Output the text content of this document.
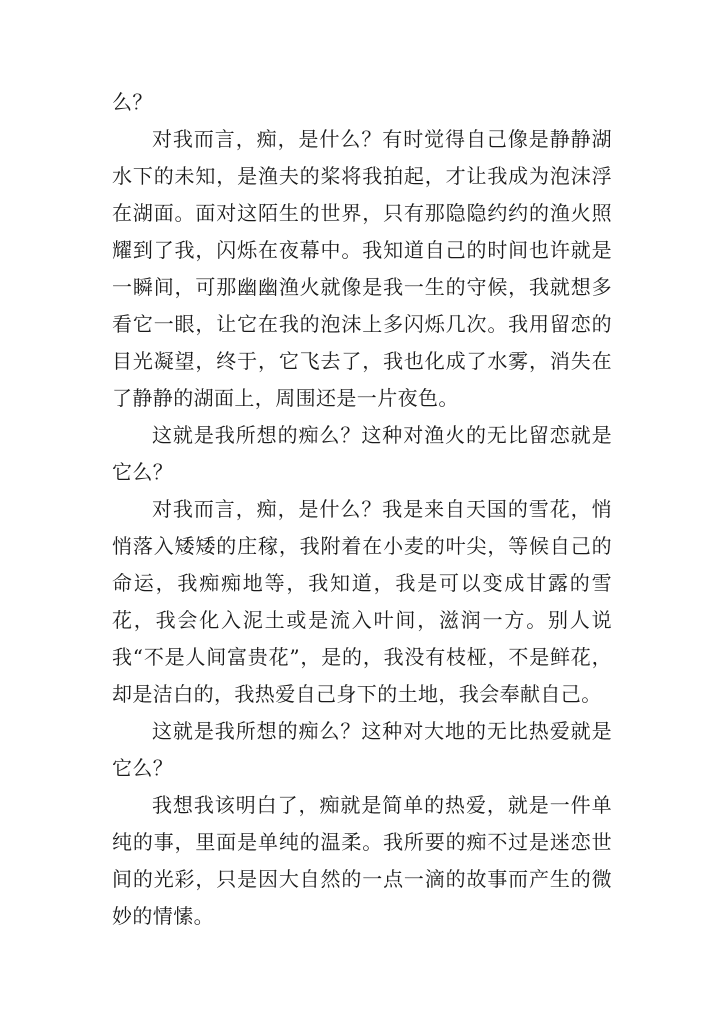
么？

对我而言，痴，是什么？有时觉得自己像是静静湖水下的未知，是渔夫的桨将我拍起，才让我成为泡沫浮在湖面。面对这陌生的世界，只有那隐隐约约的渔火照耀到了我，闪烁在夜幕中。我知道自己的时间也许就是一瞬间，可那幽幽渔火就像是我一生的守候，我就想多看它一眼，让它在我的泡沫上多闪烁几次。我用留恋的目光凝望，终于，它飞去了，我也化成了水雾，消失在了静静的湖面上，周围还是一片夜色。

这就是我所想的痴么？这种对渔火的无比留恋就是它么？

对我而言，痴，是什么？我是来自天国的雪花，悄悄落入矮矮的庄稼，我附着在小麦的叶尖，等候自己的命运，我痴痴地等，我知道，我是可以变成甘露的雪花，我会化入泥土或是流入叶间，滋润一方。别人说我“不是人间富贵花”，是的，我没有枝桠，不是鲜花，却是洁白的，我热爱自己身下的土地，我会奉献自己。

这就是我所想的痴么？这种对大地的无比热爱就是它么？

我想我该明白了，痴就是简单的热爱，就是一件单纯的事，里面是单纯的温柔。我所要的痴不过是迷恋世间的光彩，只是因大自然的一点一滴的故事而产生的微妙的情愫。
